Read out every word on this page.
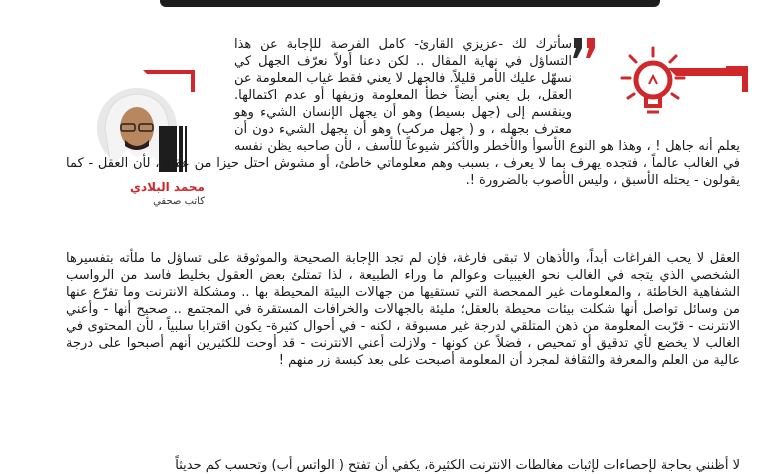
محمد البلادي
كاتب صحفي

سأترك لك -عزيزي القارئ- كامل الفرصة للإجابة عن هذا التساؤل في نهاية المقال .. لكن دعنا أولاً نعرّف الجهل كي نسهّل عليك الأمر قليلاً. فالجهل لا يعني فقط غياب المعلومة عن العقل، بل يعني أيضاً خطأ المعلومة وزيفها أو عدم اكتمالها. وينقسم إلى (جهل بسيط) وهو أن يجهل الإنسان الشيء وهو معترف بجهله ، و ( جهل مركب) وهو أن يجهل الشيء دون أن يعلم أنه جاهل ! ، وهذا هو النوع الأسوأ والأخطر والأكثر شيوعاً للأسف ، لأن صاحبه يظن نفسه في الغالب عالماً ، فتجده يهرف بما لا يعرف ، بسبب وهم معلوماتي خاطئ، أو مشوش احتل حيزا من عقله ، لأن العقل - كما يقولون - يحتله الأسبق ، وليس الأصوب بالضرورة !.

العقل لا يحب الفراغات أبداً، والأذهان لا تبقى فارغة، فإن لم تجد الإجابة الصحيحة والموثوقة على تساؤل ما ملأته بتفسيرها الشخصي الذي يتجه في الغالب نحو الغيبيات وعوالم ما وراء الطبيعة ، لذا تمتلئ بعض العقول بخليط فاسد من الرواسب الشفاهية الخاطئة ، والمعلومات غير الممحصة التي تستقيها من جهالات البيئة المحيطة بها .. ومشكلة الانترنت وما تفرّع عنها من وسائل تواصل أنها شكلت بيئات محيطة بالعقل؛ مليئة بالجهالات والخرافات المستقرة في المجتمع .. صحيح أنها - وأعني الانترنت - قرّبت المعلومة من ذهن المتلقي لدرجة غير مسبوقة ، لكنه - في أحوال كثيرة- يكون اقترابا سلبياً ، لأن المحتوى في الغالب لا يخضع لأي تدقيق أو تمحيص ، فضلاً عن كونها - ولازلت أعني الانترنت - قد أوحت للكثيرين أنهم أصبحوا على درجة عالية من العلم والمعرفة والثقافة لمجرد أن المعلومة أصبحت على بعد كبسة زر منهم !

لا أظنني بحاجة لإحصاءات لإثبات مغالطات الانترنت الكثيرة، يكفي أن تفتح ( الواتس أب) وتحسب كم حديثاً
